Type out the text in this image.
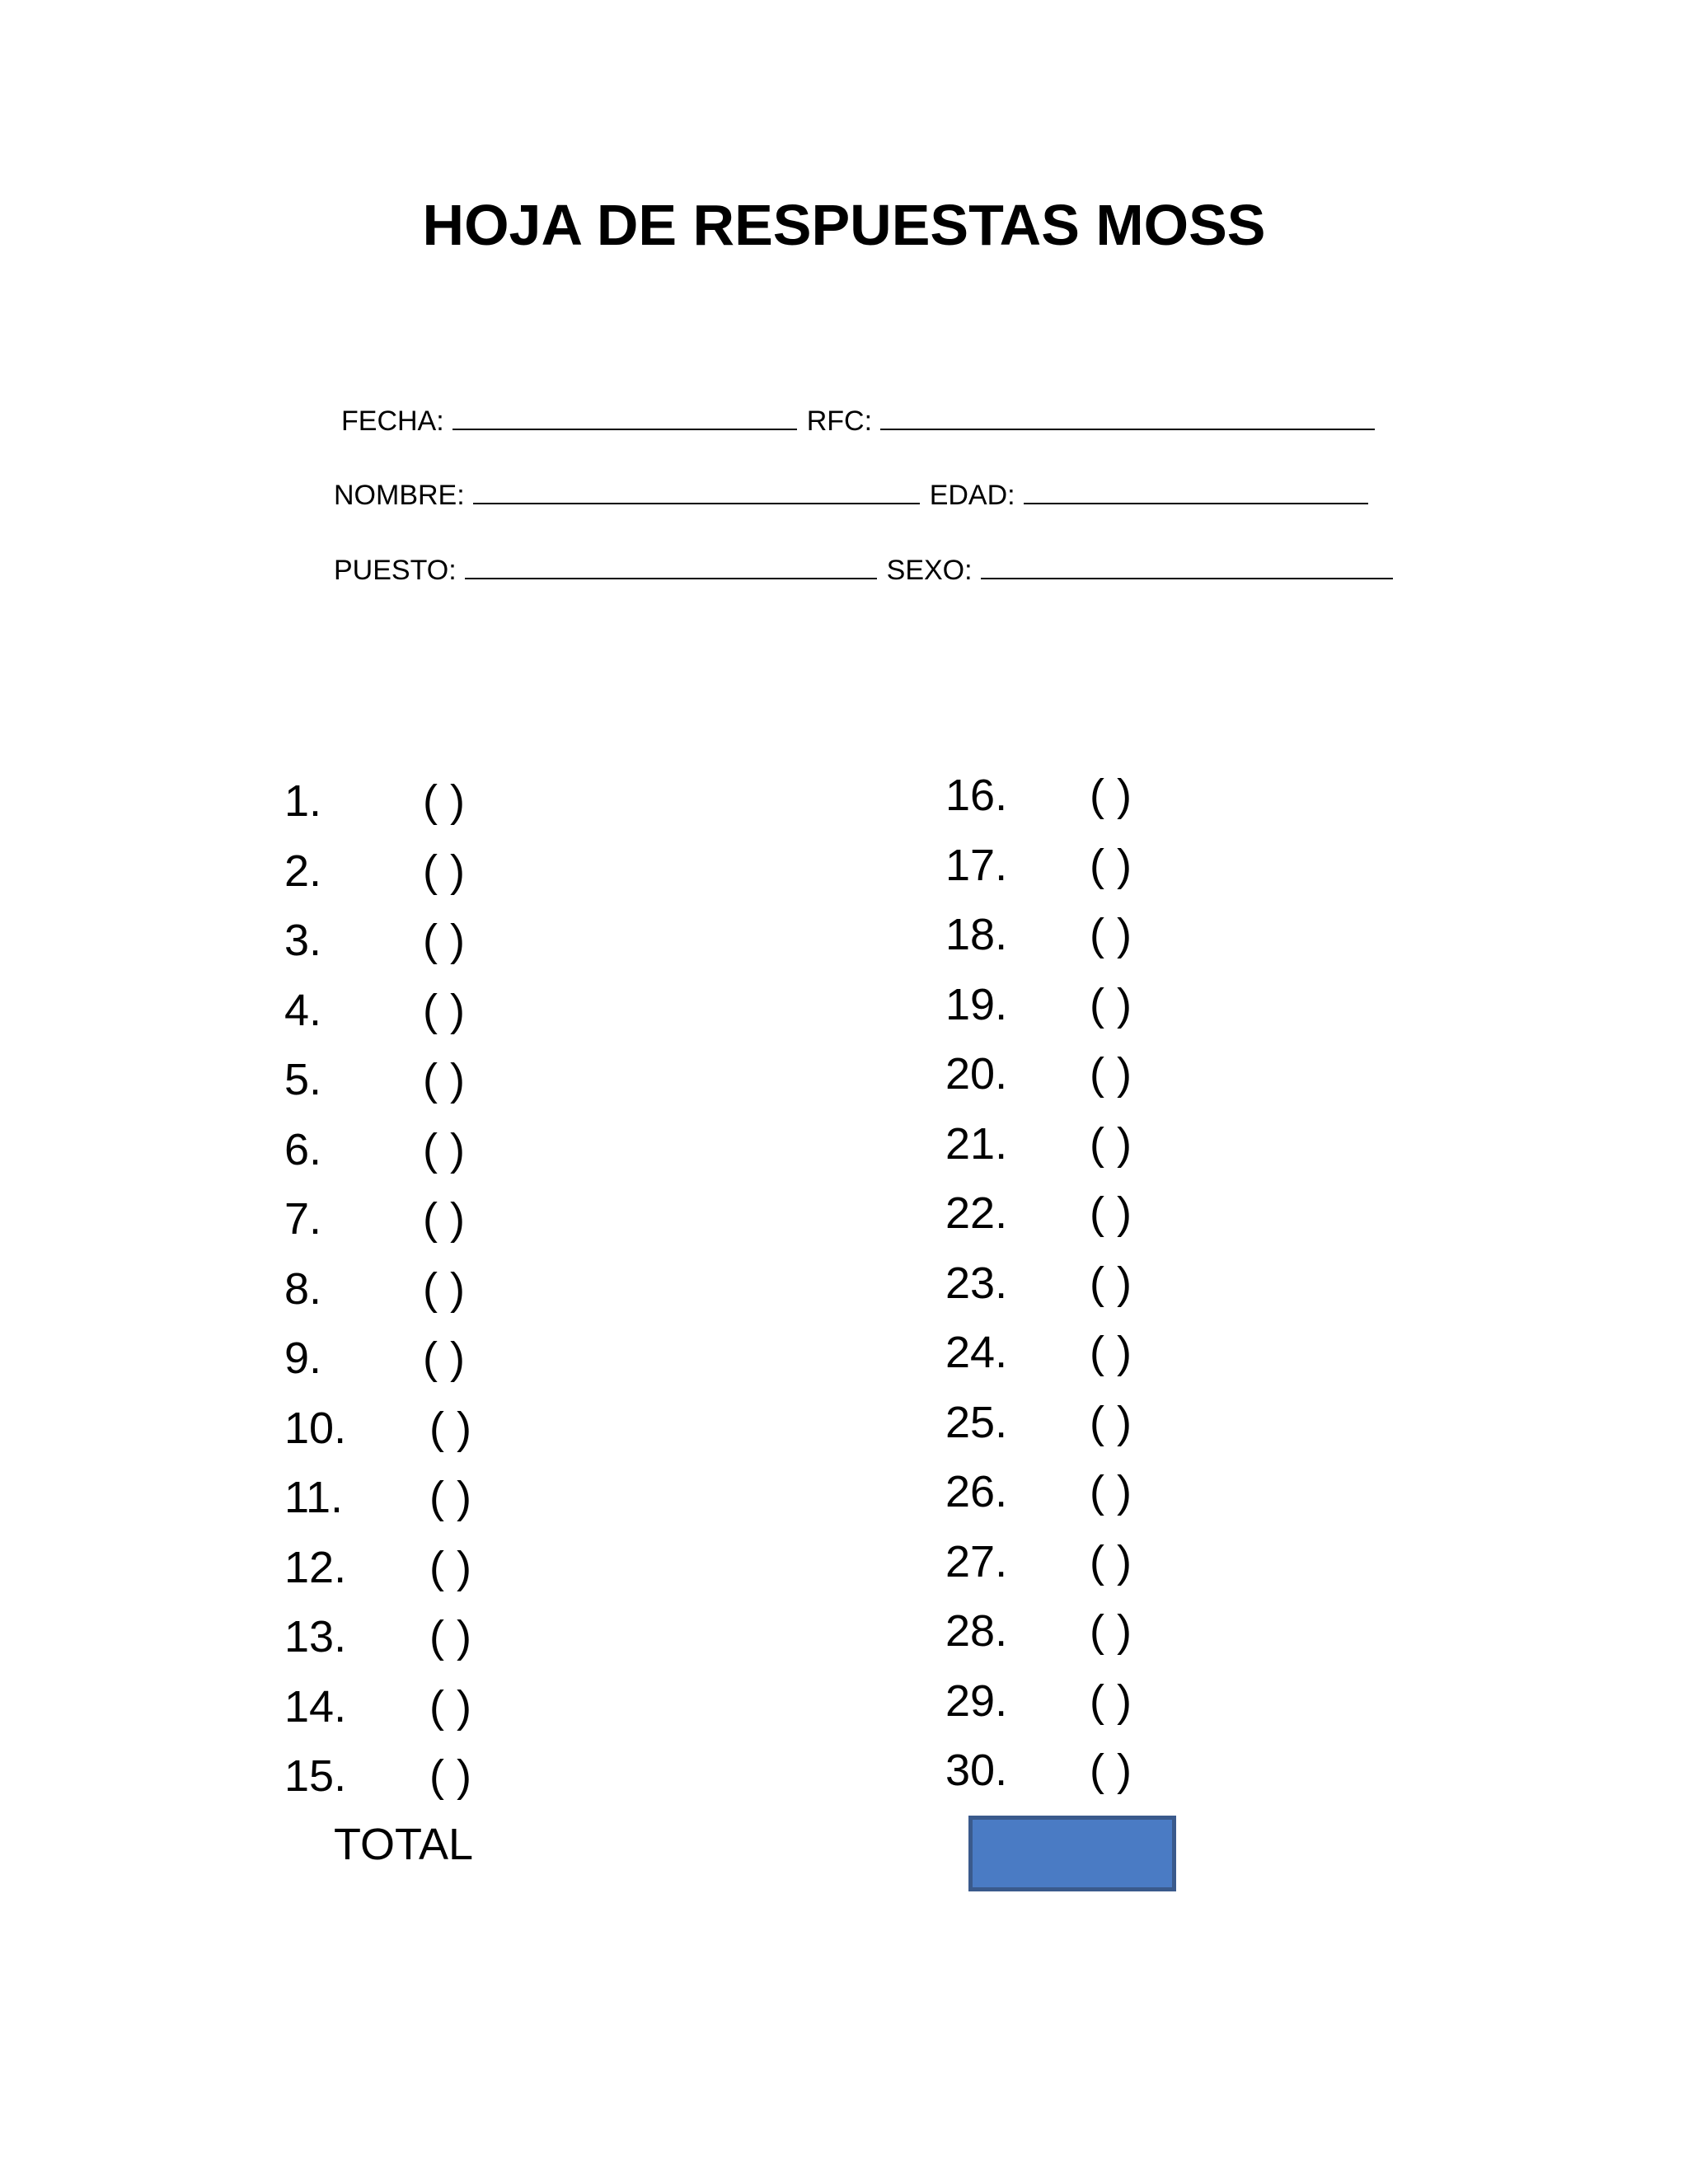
HOJA DE RESPUESTAS MOSS
FECHA:	RFC:
NOMBRE:	EDAD:
PUESTO:	SEXO:
1. ( )
2. ( )
3. ( )
4. ( )
5. ( )
6. ( )
7. ( )
8. ( )
9. ( )
10. ( )
11. ( )
12. ( )
13. ( )
14. ( )
15. ( )
16. ( )
17. ( )
18. ( )
19. ( )
20. ( )
21. ( )
22. ( )
23. ( )
24. ( )
25. ( )
26. ( )
27. ( )
28. ( )
29. ( )
30. ( )
TOTAL
